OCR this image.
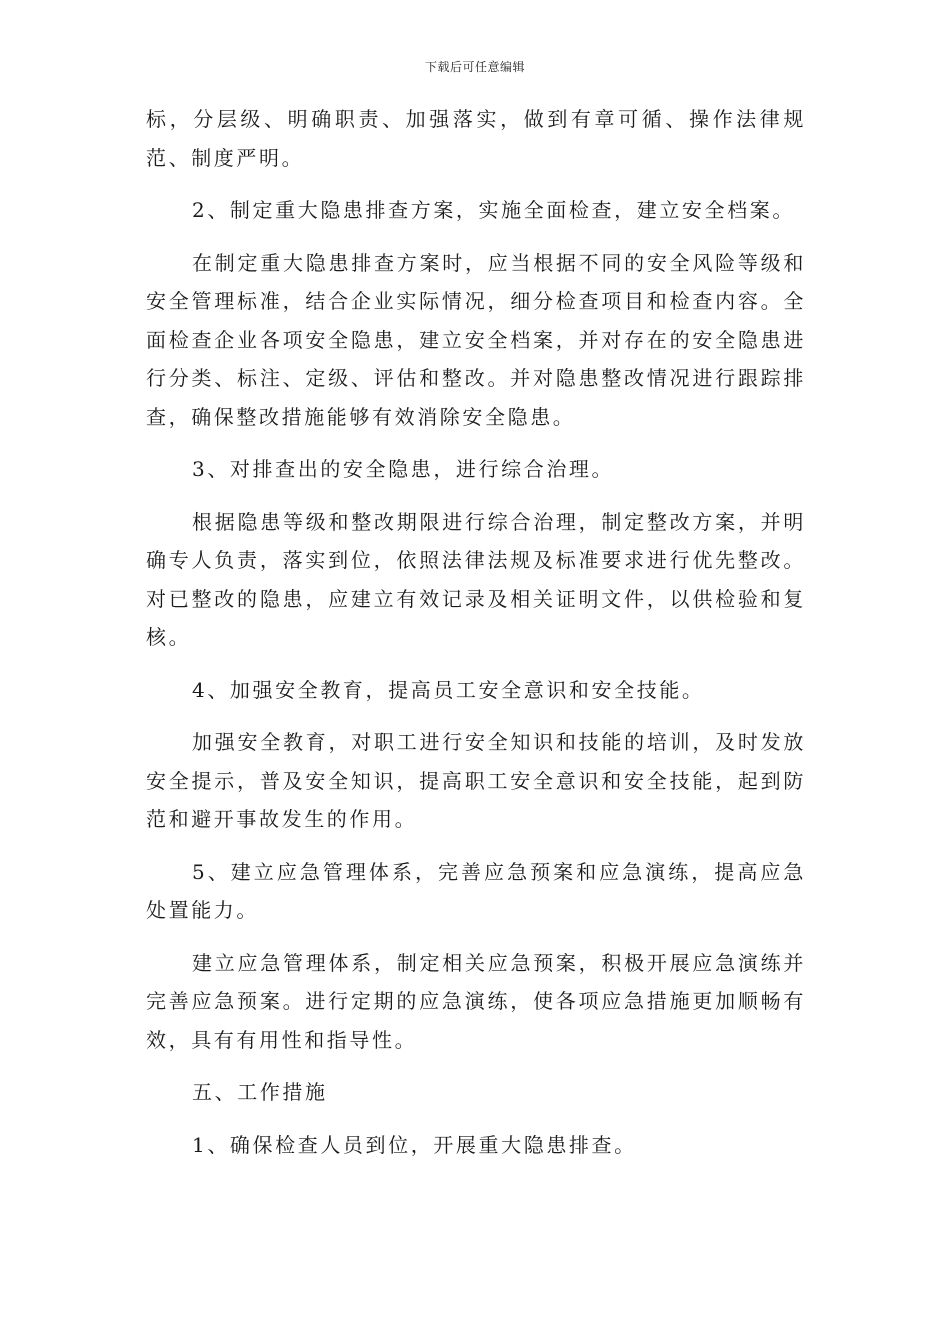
下载后可任意编辑

标，分层级、明确职责、加强落实，做到有章可循、操作法律规范、制度严明。

2、制定重大隐患排查方案，实施全面检查，建立安全档案。

在制定重大隐患排查方案时，应当根据不同的安全风险等级和安全管理标准，结合企业实际情况，细分检查项目和检查内容。全面检查企业各项安全隐患，建立安全档案，并对存在的安全隐患进行分类、标注、定级、评估和整改。并对隐患整改情况进行跟踪排查，确保整改措施能够有效消除安全隐患。

3、对排查出的安全隐患，进行综合治理。

根据隐患等级和整改期限进行综合治理，制定整改方案，并明确专人负责，落实到位，依照法律法规及标准要求进行优先整改。对已整改的隐患，应建立有效记录及相关证明文件，以供检验和复核。

4、加强安全教育，提高员工安全意识和安全技能。

加强安全教育，对职工进行安全知识和技能的培训，及时发放安全提示，普及安全知识，提高职工安全意识和安全技能，起到防范和避开事故发生的作用。

5、建立应急管理体系，完善应急预案和应急演练，提高应急处置能力。

建立应急管理体系，制定相关应急预案，积极开展应急演练并完善应急预案。进行定期的应急演练，使各项应急措施更加顺畅有效，具有有用性和指导性。

五、工作措施

1、确保检查人员到位，开展重大隐患排查。
